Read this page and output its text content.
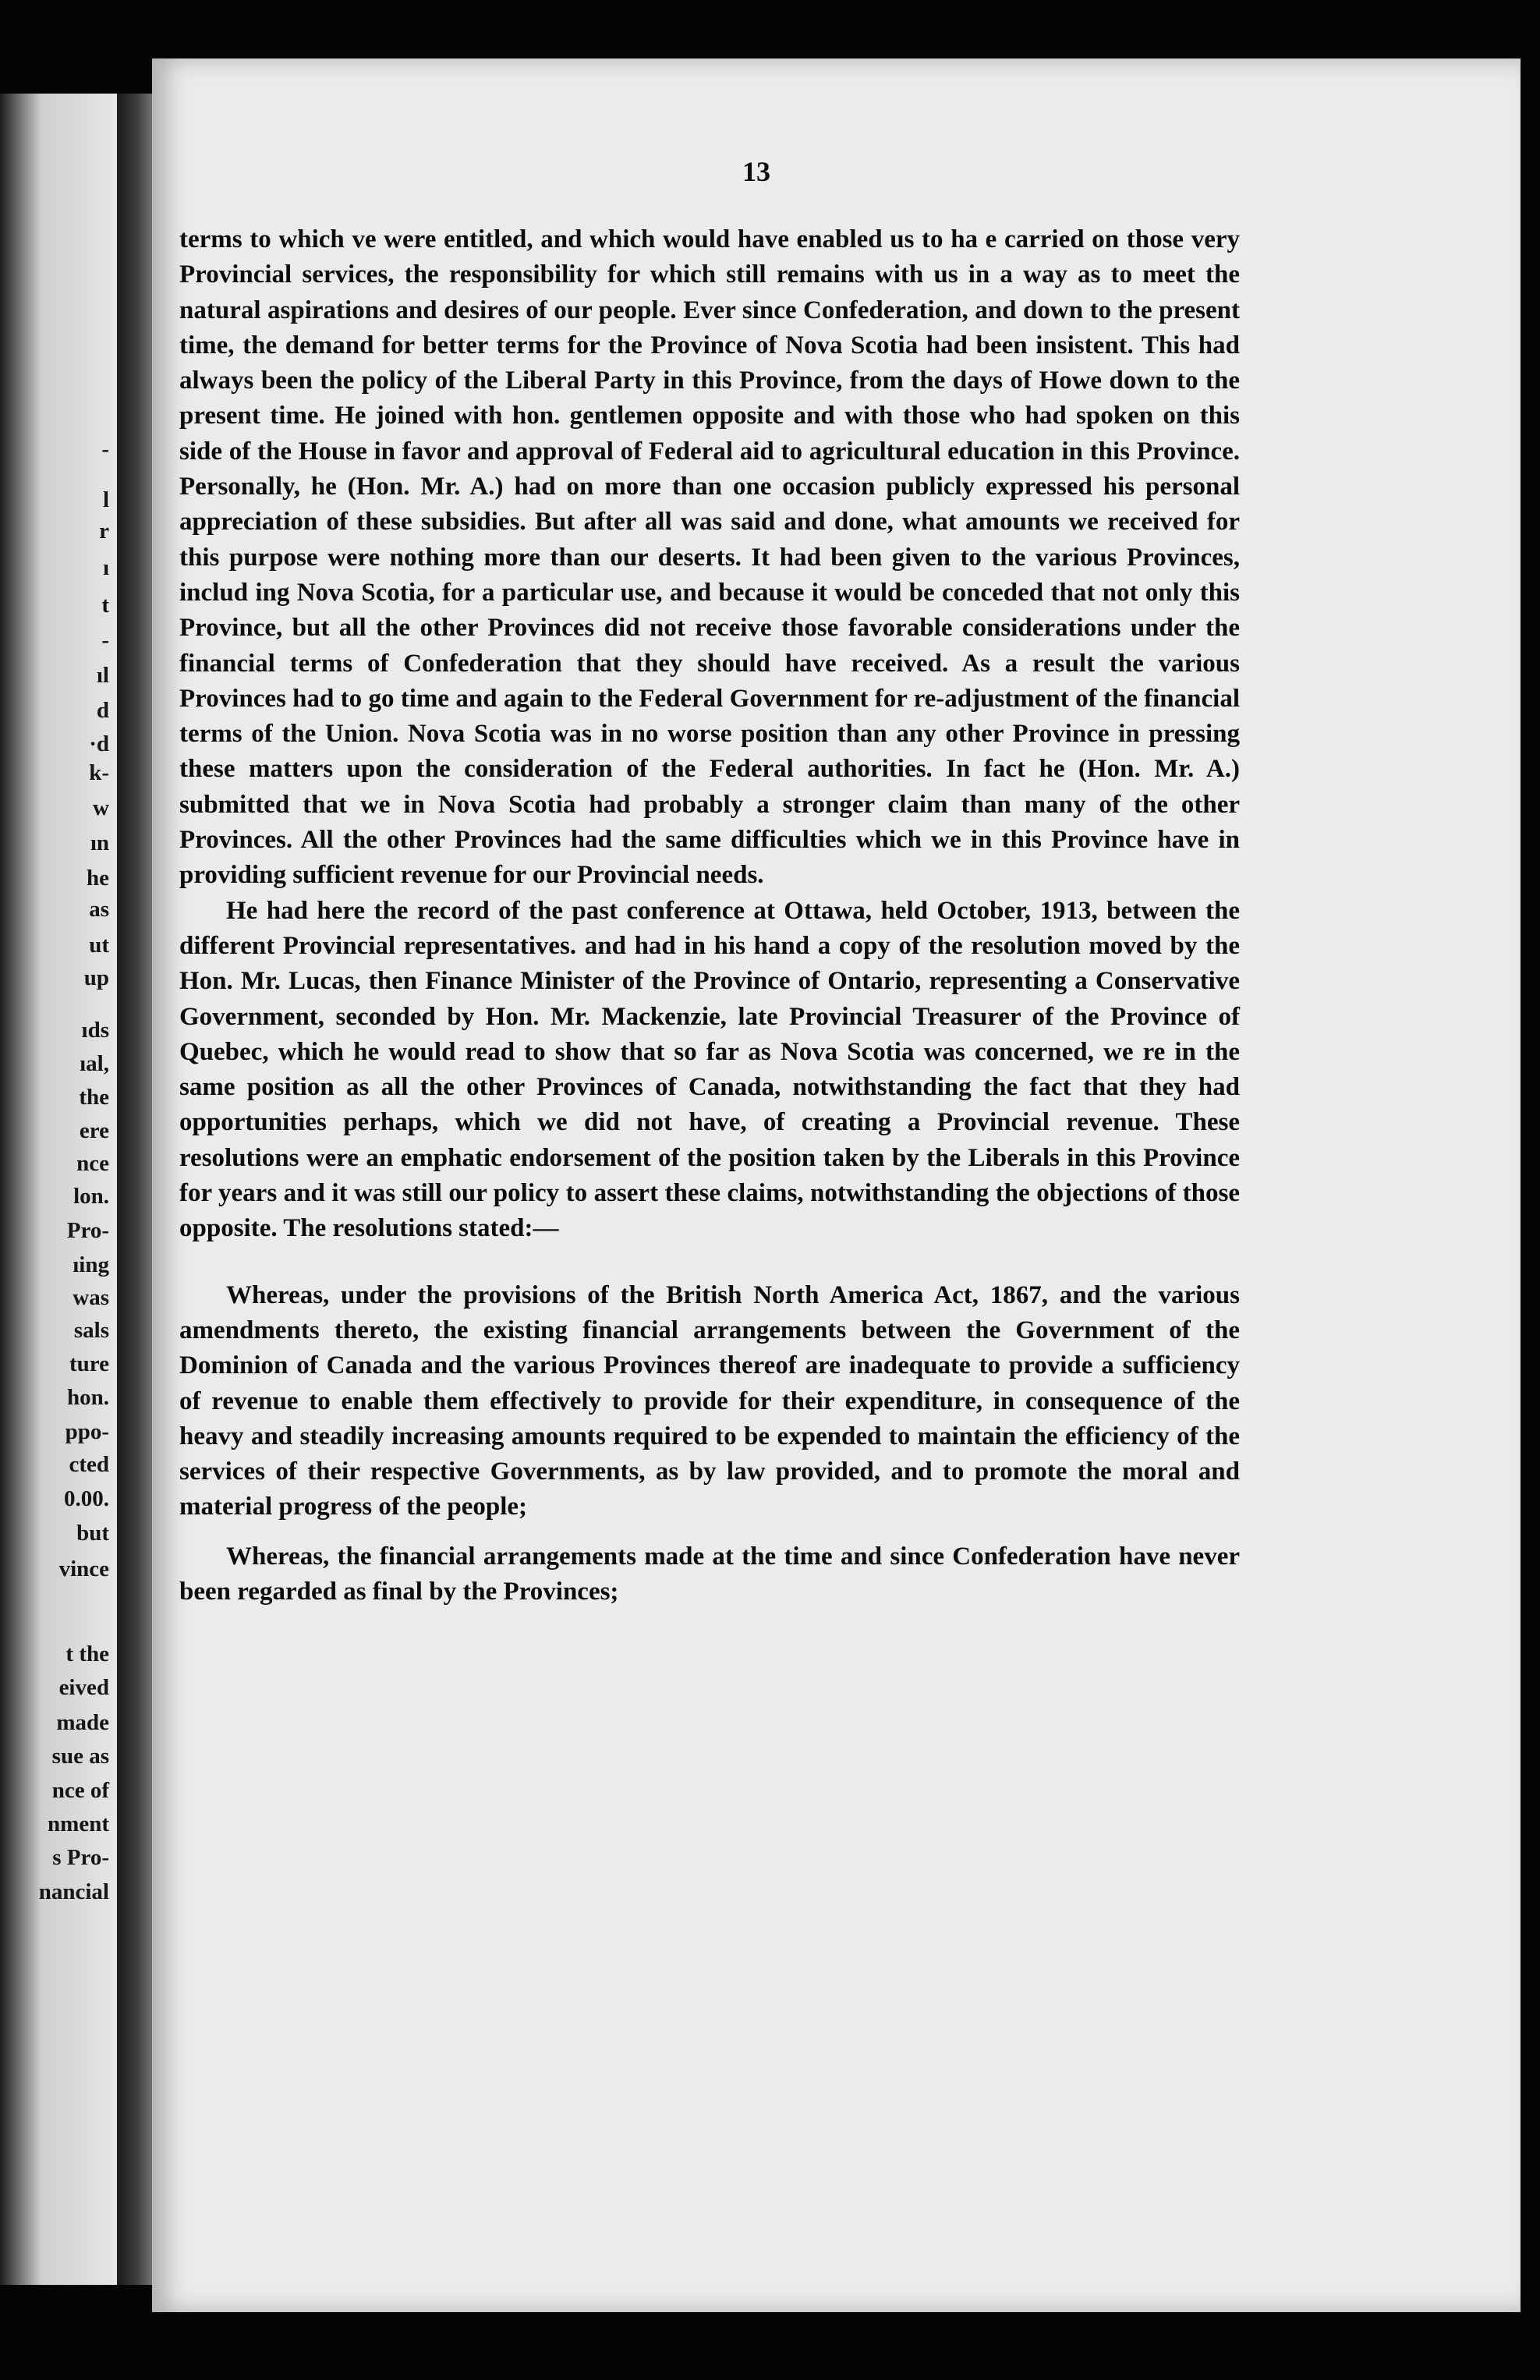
-
l
r
ı
t
-
ıl
d
·d
k-
w
ın
he
as
ut
up
ıds
ıal,
the
ere
nce
lon.
Pro-
ıing
was
sals
ture
hon.
ppo-
cted
0.00.
but
vince
t the
eived
made
sue as
nce of
nment
s Pro-
nancial
13

terms to which ve were entitled, and which would have enabled us to ha e carried on those very Provincial services, the responsibility for which still remains with us in a way as to meet the natural aspirations and desires of our people. Ever since Confederation, and down to the present time, the demand for better terms for the Province of Nova Scotia had been insistent. This had always been the policy of the Liberal Party in this Province, from the days of Howe down to the present time. He joined with hon. gentlemen opposite and with those who had spoken on this side of the House in favor and approval of Federal aid to agricultural education in this Province. Personally, he (Hon. Mr. A.) had on more than one occasion publicly expressed his personal appreciation of these subsidies. But after all was said and done, what amounts we received for this purpose were nothing more than our deserts. It had been given to the various Provinces, includ ing Nova Scotia, for a particular use, and because it would be conceded that not only this Province, but all the other Provinces did not receive those favorable considerations under the financial terms of Confederation that they should have received. As a result the various Provinces had to go time and again to the Federal Government for re-adjustment of the financial terms of the Union. Nova Scotia was in no worse position than any other Province in pressing these matters upon the consideration of the Federal authorities. In fact he (Hon. Mr. A.) submitted that we in Nova Scotia had probably a stronger claim than many of the other Provinces. All the other Provinces had the same difficulties which we in this Province have in providing sufficient revenue for our Provincial needs.

He had here the record of the past conference at Ottawa, held October, 1913, between the different Provincial representatives. and had in his hand a copy of the resolution moved by the Hon. Mr. Lucas, then Finance Minister of the Province of Ontario, representing a Conservative Government, seconded by Hon. Mr. Mackenzie, late Provincial Treasurer of the Province of Quebec, which he would read to show that so far as Nova Scotia was concerned, we re in the same position as all the other Provinces of Canada, notwithstanding the fact that they had opportunities perhaps, which we did not have, of creating a Provincial revenue. These resolutions were an emphatic endorsement of the position taken by the Liberals in this Province for years and it was still our policy to assert these claims, notwithstanding the objections of those opposite. The resolutions stated:—

Whereas, under the provisions of the British North America Act, 1867, and the various amendments thereto, the existing financial arrangements between the Government of the Dominion of Canada and the various Provinces thereof are inadequate to provide a sufficiency of revenue to enable them effectively to provide for their expenditure, in consequence of the heavy and steadily increasing amounts required to be expended to maintain the efficiency of the services of their respective Governments, as by law provided, and to promote the moral and material progress of the people;

Whereas, the financial arrangements made at the time and since Confederation have never been regarded as final by the Provinces;
